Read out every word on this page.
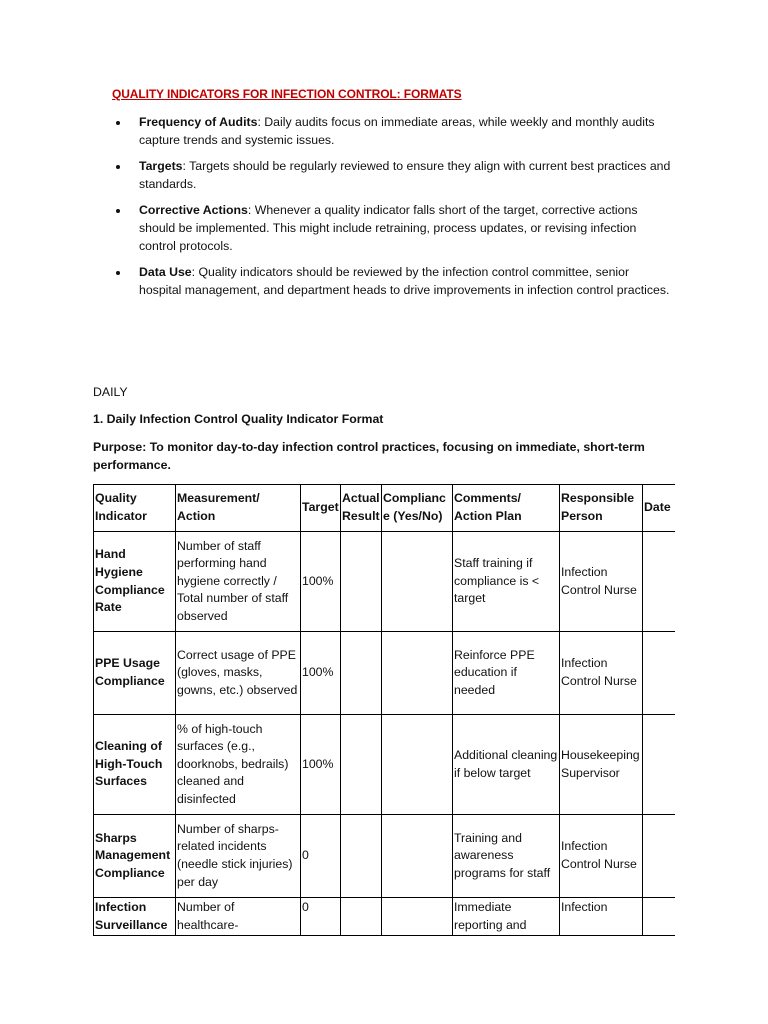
QUALITY INDICATORS FOR INFECTION CONTROL: FORMATS
Frequency of Audits: Daily audits focus on immediate areas, while weekly and monthly audits capture trends and systemic issues.
Targets: Targets should be regularly reviewed to ensure they align with current best practices and standards.
Corrective Actions: Whenever a quality indicator falls short of the target, corrective actions should be implemented. This might include retraining, process updates, or revising infection control protocols.
Data Use: Quality indicators should be reviewed by the infection control committee, senior hospital management, and department heads to drive improvements in infection control practices.
DAILY
1. Daily Infection Control Quality Indicator Format
Purpose: To monitor day-to-day infection control practices, focusing on immediate, short-term performance.
Quality Indicator	Measurement/ Action	Target	Actual Result	Compliance (Yes/No)	Comments/ Action Plan	Responsible Person	Date
Hand Hygiene Compliance Rate	Number of staff performing hand hygiene correctly / Total number of staff observed	100%			Staff training if compliance is < target	Infection Control Nurse	
PPE Usage Compliance	Correct usage of PPE (gloves, masks, gowns, etc.) observed	100%			Reinforce PPE education if needed	Infection Control Nurse	
Cleaning of High-Touch Surfaces	% of high-touch surfaces (e.g., doorknobs, bedrails) cleaned and disinfected	100%			Additional cleaning if below target	Housekeeping Supervisor	
Sharps Management Compliance	Number of sharps-related incidents (needle stick injuries) per day	0			Training and awareness programs for staff	Infection Control Nurse	
Infection Surveillance	Number of healthcare-	0			Immediate reporting and	Infection	
